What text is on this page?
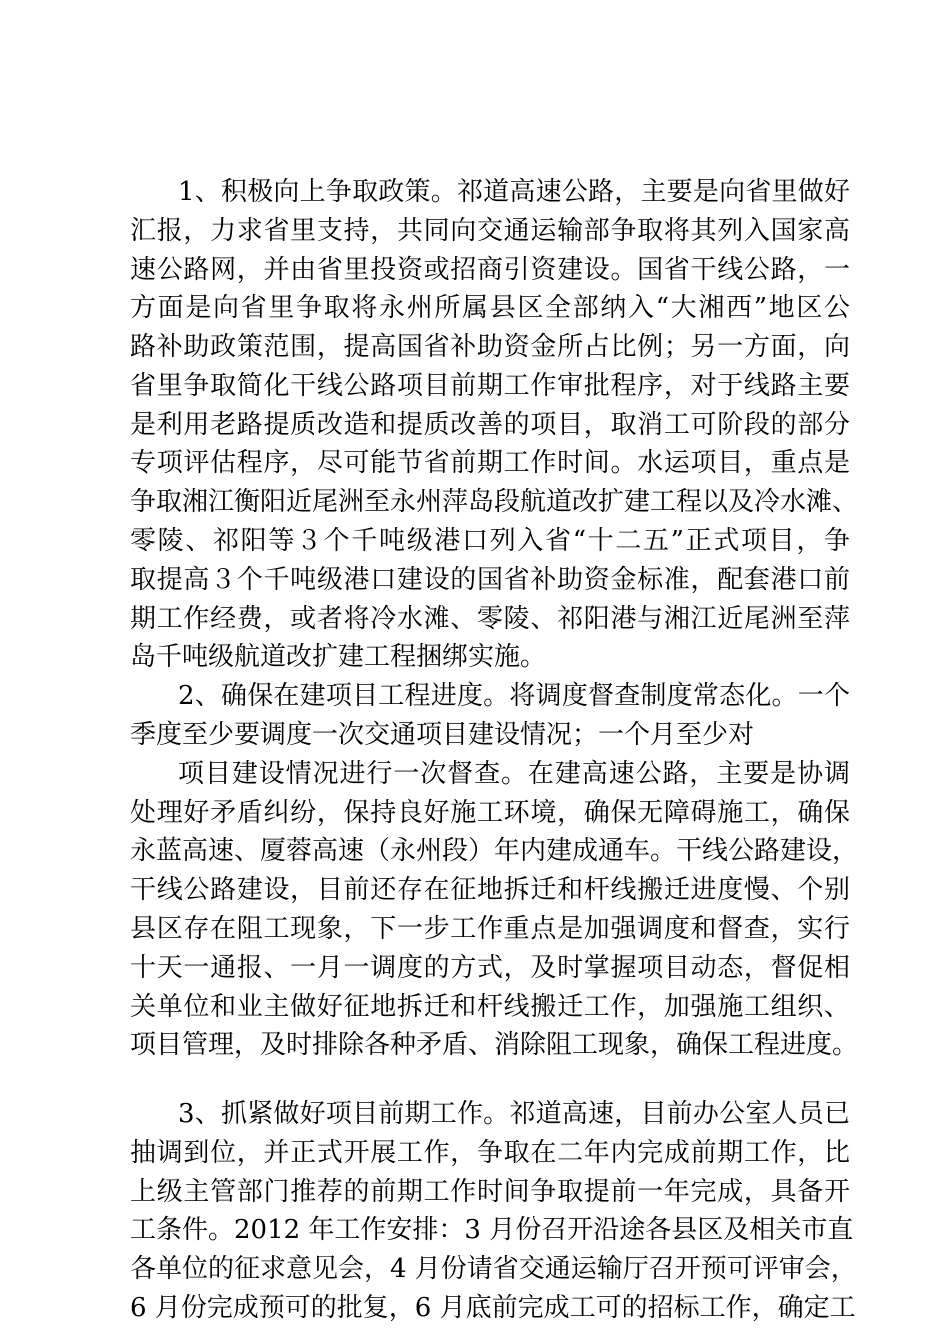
1、积极向上争取政策。祁道高速公路，主要是向省里做好
汇报，力求省里支持，共同向交通运输部争取将其列入国家高
速公路网，并由省里投资或招商引资建设。国省干线公路，一
方面是向省里争取将永州所属县区全部纳入“大湘西”地区公
路补助政策范围，提高国省补助资金所占比例；另一方面，向
省里争取简化干线公路项目前期工作审批程序，对于线路主要
是利用老路提质改造和提质改善的项目，取消工可阶段的部分
专项评估程序，尽可能节省前期工作时间。水运项目，重点是
争取湘江衡阳近尾洲至永州萍岛段航道改扩建工程以及冷水滩、
零陵、祁阳等３个千吨级港口列入省“十二五”正式项目，争
取提高３个千吨级港口建设的国省补助资金标准，配套港口前
期工作经费，或者将冷水滩、零陵、祁阳港与湘江近尾洲至萍
岛千吨级航道改扩建工程捆绑实施。
2、确保在建项目工程进度。将调度督查制度常态化。一个
季度至少要调度一次交通项目建设情况；一个月至少对
项目建设情况进行一次督查。在建高速公路，主要是协调
处理好矛盾纠纷，保持良好施工环境，确保无障碍施工，确保
永蓝高速、厦蓉高速（永州段）年内建成通车。干线公路建设，
干线公路建设，目前还存在征地拆迁和杆线搬迁进度慢、个别
县区存在阻工现象，下一步工作重点是加强调度和督查，实行
十天一通报、一月一调度的方式，及时掌握项目动态，督促相
关单位和业主做好征地拆迁和杆线搬迁工作，加强施工组织、
项目管理，及时排除各种矛盾、消除阻工现象，确保工程进度。
3、抓紧做好项目前期工作。祁道高速，目前办公室人员已
抽调到位，并正式开展工作，争取在二年内完成前期工作，比
上级主管部门推荐的前期工作时间争取提前一年完成，具备开
工条件。2012 年工作安排：3 月份召开沿途各县区及相关市直
各单位的征求意见会，4 月份请省交通运输厅召开预可评审会，
6 月份完成预可的批复，6 月底前完成工可的招标工作，确定工
